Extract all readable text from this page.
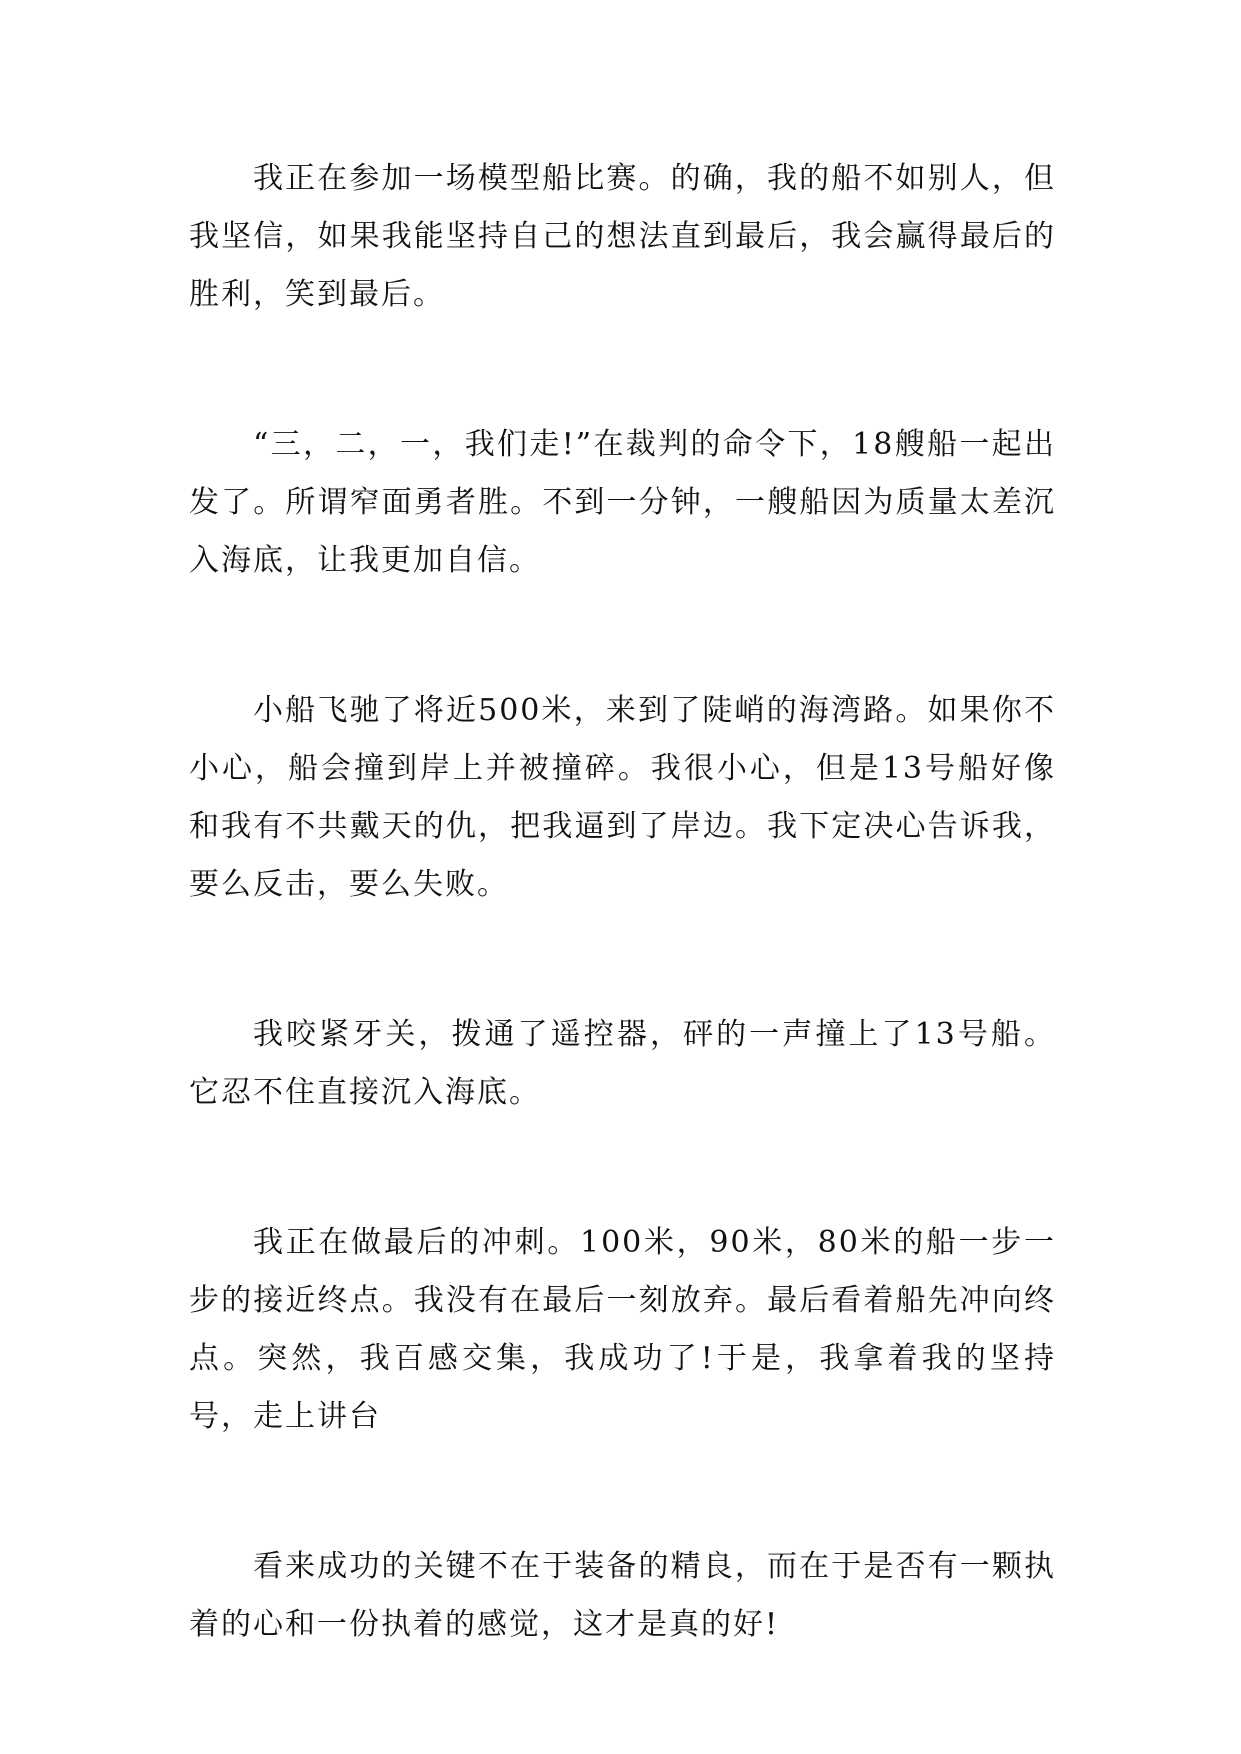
我正在参加一场模型船比赛。的确，我的船不如别人，但我坚信，如果我能坚持自己的想法直到最后，我会赢得最后的胜利，笑到最后。

“三，二，一，我们走!”在裁判的命令下，18艘船一起出发了。所谓窄面勇者胜。不到一分钟，一艘船因为质量太差沉入海底，让我更加自信。

小船飞驰了将近500米，来到了陡峭的海湾路。如果你不小心，船会撞到岸上并被撞碎。我很小心，但是13号船好像和我有不共戴天的仇，把我逼到了岸边。我下定决心告诉我，要么反击，要么失败。

我咬紧牙关，拨通了遥控器，砰的一声撞上了13号船。它忍不住直接沉入海底。

我正在做最后的冲刺。100米，90米，80米的船一步一步的接近终点。我没有在最后一刻放弃。最后看着船先冲向终点。突然，我百感交集，我成功了!于是，我拿着我的坚持号，走上讲台

看来成功的关键不在于装备的精良，而在于是否有一颗执着的心和一份执着的感觉，这才是真的好!
